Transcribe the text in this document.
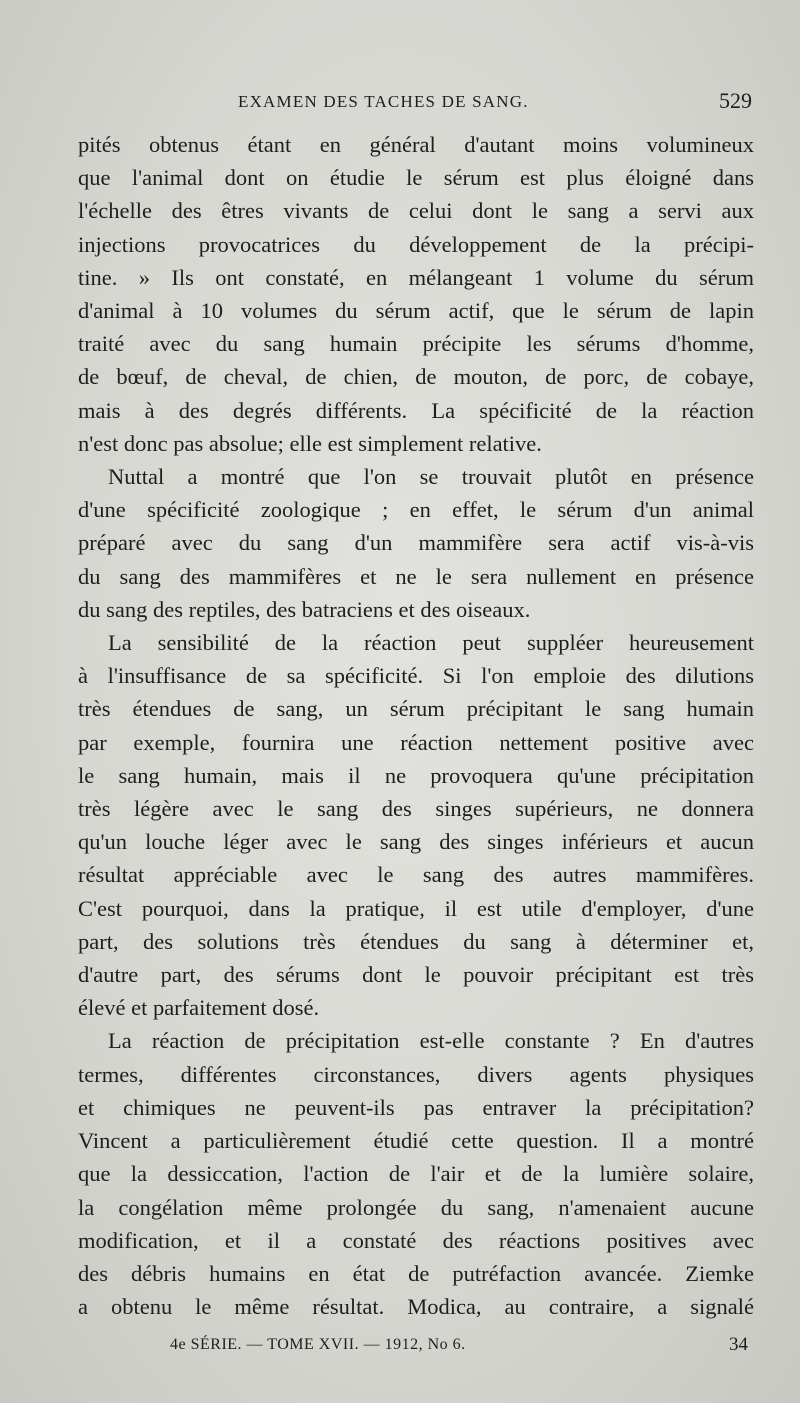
EXAMEN DES TACHES DE SANG.	529
pités obtenus étant en général d'autant moins volumineux
que l'animal dont on étudie le sérum est plus éloigné dans
l'échelle des êtres vivants de celui dont le sang a servi aux
injections provocatrices du développement de la précipi-
tine. » Ils ont constaté, en mélangeant 1 volume du sérum
d'animal à 10 volumes du sérum actif, que le sérum de lapin
traité avec du sang humain précipite les sérums d'homme,
de bœuf, de cheval, de chien, de mouton, de porc, de cobaye,
mais à des degrés différents. La spécificité de la réaction
n'est donc pas absolue; elle est simplement relative.
Nuttal a montré que l'on se trouvait plutôt en présence
d'une spécificité zoologique ; en effet, le sérum d'un animal
préparé avec du sang d'un mammifère sera actif vis-à-vis
du sang des mammifères et ne le sera nullement en présence
du sang des reptiles, des batraciens et des oiseaux.
La sensibilité de la réaction peut suppléer heureusement
à l'insuffisance de sa spécificité. Si l'on emploie des dilutions
très étendues de sang, un sérum précipitant le sang humain
par exemple, fournira une réaction nettement positive avec
le sang humain, mais il ne provoquera qu'une précipitation
très légère avec le sang des singes supérieurs, ne donnera
qu'un louche léger avec le sang des singes inférieurs et aucun
résultat appréciable avec le sang des autres mammifères.
C'est pourquoi, dans la pratique, il est utile d'employer, d'une
part, des solutions très étendues du sang à déterminer et,
d'autre part, des sérums dont le pouvoir précipitant est très
élevé et parfaitement dosé.
La réaction de précipitation est-elle constante ? En d'autres
termes, différentes circonstances, divers agents physiques
et chimiques ne peuvent-ils pas entraver la précipitation?
Vincent a particulièrement étudié cette question. Il a montré
que la dessiccation, l'action de l'air et de la lumière solaire,
la congélation même prolongée du sang, n'amenaient aucune
modification, et il a constaté des réactions positives avec
des débris humains en état de putréfaction avancée. Ziemke
a obtenu le même résultat. Modica, au contraire, a signalé
4e SÉRIE. — TOME XVII. — 1912, No 6.	34
